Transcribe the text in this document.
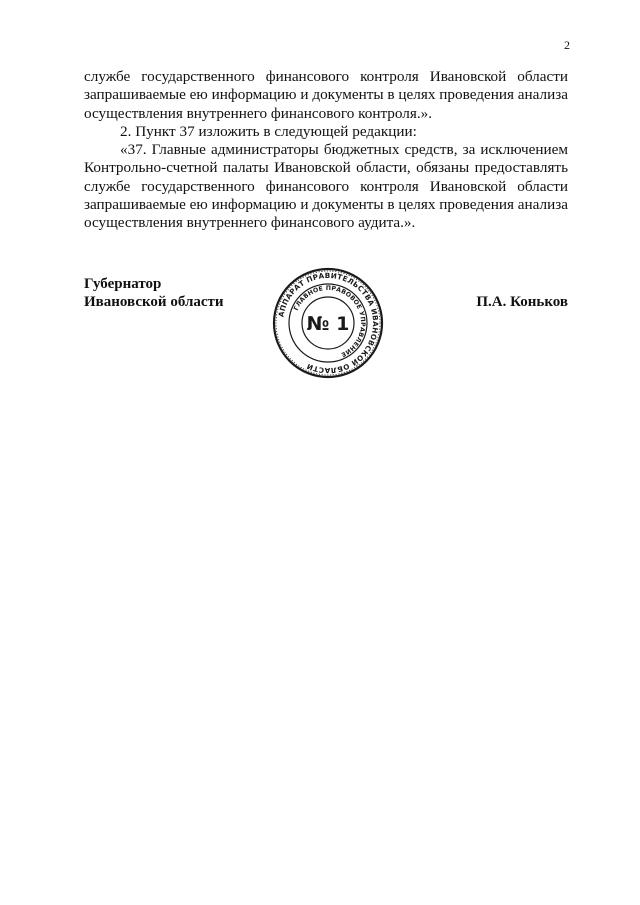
2

службе государственного финансового контроля Ивановской области запрашиваемые ею информацию и документы в целях проведения анализа осуществления внутреннего финансового контроля.».

2. Пункт 37 изложить в следующей редакции:

«37. Главные администраторы бюджетных средств, за исключением Контрольно-счетной палаты Ивановской области, обязаны предоставлять службе государственного финансового контроля Ивановской области запрашиваемые ею информацию и документы в целях проведения анализа осуществления внутреннего финансового аудита.».

Губернатор
Ивановской области	П.А. Коньков
АППАРАТ ПРАВИТЕЛЬСТВА ИВАНОВСКОЙ ОБЛАСТИ
ГЛАВНОЕ ПРАВОВОЕ УПРАВЛЕНИЕ
№ 1
